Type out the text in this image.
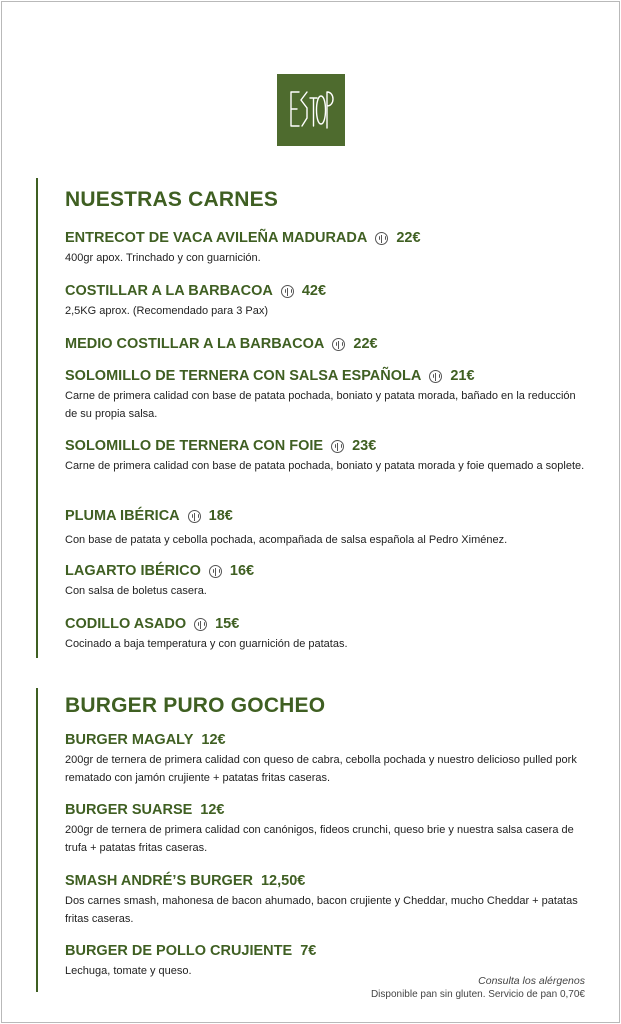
NUESTRAS CARNES
ENTRECOT DE VACA AVILEÑA MADURADA 22€
400gr apox. Trinchado y con guarnición.
COSTILLAR A LA BARBACOA 42€
2,5KG aprox. (Recomendado para 3 Pax)
MEDIO COSTILLAR A LA BARBACOA 22€
SOLOMILLO DE TERNERA CON SALSA ESPAÑOLA 21€
Carne de primera calidad con base de patata pochada, boniato y patata morada, bañado en la reducción de su propia salsa.
SOLOMILLO DE TERNERA CON FOIE 23€
Carne de primera calidad con base de patata pochada, boniato y patata morada y foie quemado a soplete.
PLUMA IBÉRICA 18€
Con base de patata y cebolla pochada, acompañada de salsa española al Pedro Ximénez.
LAGARTO IBÉRICO 16€
Con salsa de boletus casera.
CODILLO ASADO 15€
Cocinado a baja temperatura y con guarnición de patatas.
BURGER PURO GOCHEO
BURGER MAGALY 12€
200gr de ternera de primera calidad con queso de cabra, cebolla pochada y nuestro delicioso pulled pork rematado con jamón crujiente + patatas fritas caseras.
BURGER SUARSE 12€
200gr de ternera de primera calidad con canónigos, fideos crunchi, queso brie y nuestra salsa casera de trufa + patatas fritas caseras.
SMASH ANDRÉ’S BURGER 12,50€
Dos carnes smash, mahonesa de bacon ahumado, bacon crujiente y Cheddar, mucho Cheddar + patatas fritas caseras.
BURGER DE POLLO CRUJIENTE 7€
Lechuga, tomate y queso.
Consulta los alérgenos
Disponible pan sin gluten. Servicio de pan 0,70€
